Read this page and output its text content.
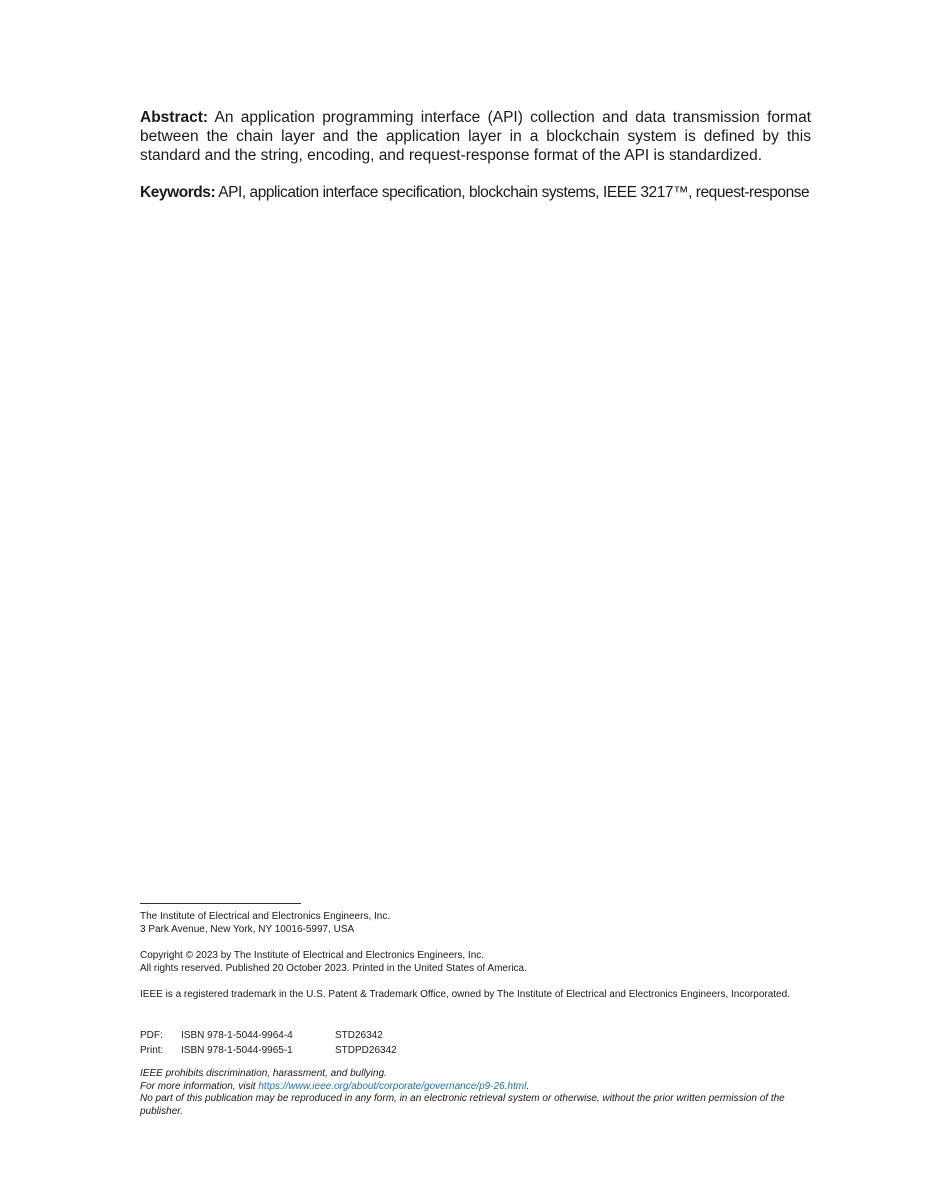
Abstract: An application programming interface (API) collection and data transmission format between the chain layer and the application layer in a blockchain system is defined by this standard and the string, encoding, and request-response format of the API is standardized.

Keywords: API, application interface specification, blockchain systems, IEEE 3217™, request-response

The Institute of Electrical and Electronics Engineers, Inc.
3 Park Avenue, New York, NY 10016-5997, USA
Copyright © 2023 by The Institute of Electrical and Electronics Engineers, Inc.
All rights reserved. Published 20 October 2023. Printed in the United States of America.
IEEE is a registered trademark in the U.S. Patent & Trademark Office, owned by The Institute of Electrical and Electronics Engineers, Incorporated.
PDF:	ISBN 978-1-5044-9964-4	STD26342
Print:	ISBN 978-1-5044-9965-1	STDPD26342
IEEE prohibits discrimination, harassment, and bullying.
For more information, visit https://www.ieee.org/about/corporate/governance/p9-26.html.
No part of this publication may be reproduced in any form, in an electronic retrieval system or otherwise, without the prior written permission of the publisher.
